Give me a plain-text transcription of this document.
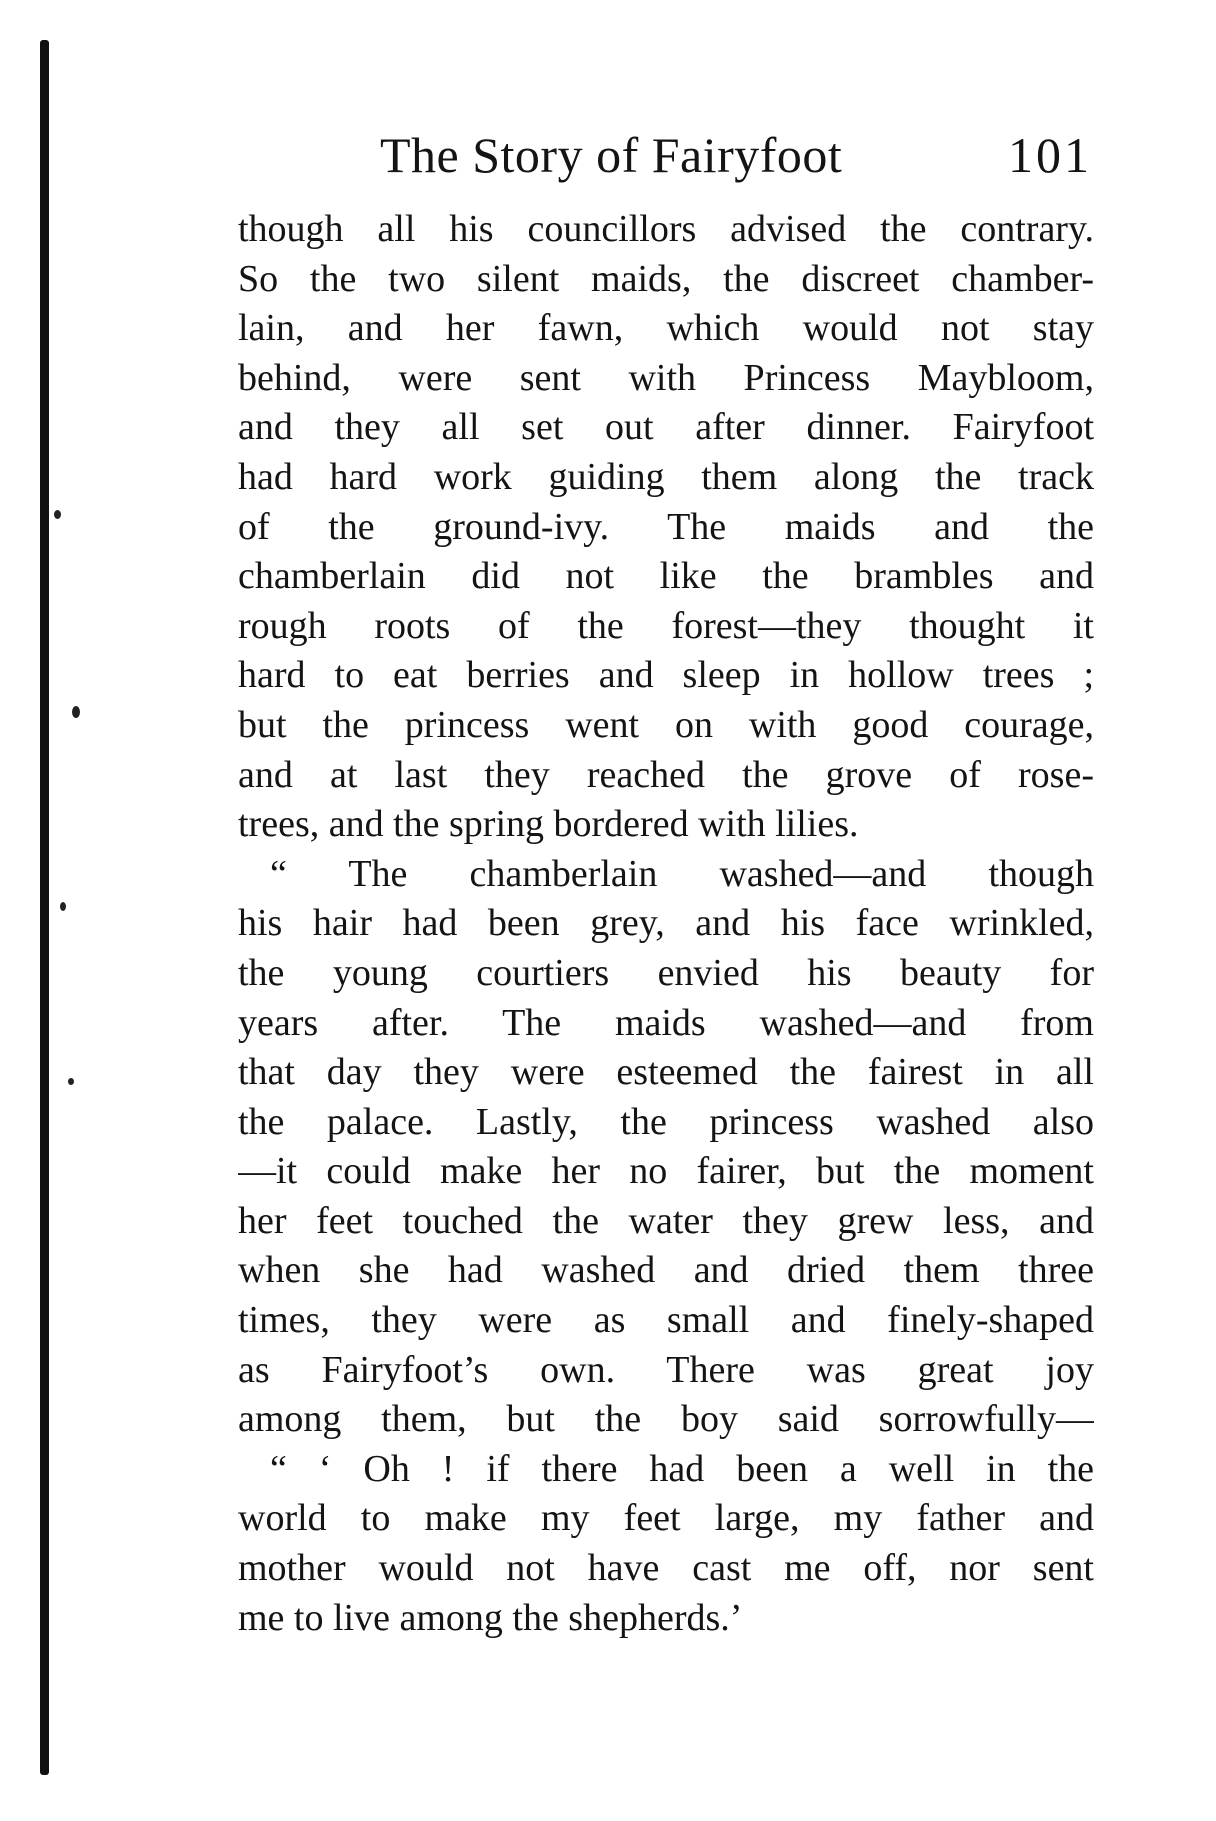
The Story of Fairyfoot	101
though all his councillors advised the contrary.
So the two silent maids, the discreet chamber-
lain, and her fawn, which would not stay
behind, were sent with Princess Maybloom,
and they all set out after dinner. Fairyfoot
had hard work guiding them along the track
of the ground-ivy. The maids and the
chamberlain did not like the brambles and
rough roots of the forest—they thought it
hard to eat berries and sleep in hollow trees ;
but the princess went on with good courage,
and at last they reached the grove of rose-
trees, and the spring bordered with lilies.
“ The chamberlain washed—and though
his hair had been grey, and his face wrinkled,
the young courtiers envied his beauty for
years after. The maids washed—and from
that day they were esteemed the fairest in all
the palace. Lastly, the princess washed also
—it could make her no fairer, but the moment
her feet touched the water they grew less, and
when she had washed and dried them three
times, they were as small and finely-shaped
as Fairyfoot’s own. There was great joy
among them, but the boy said sorrowfully—
“ ‘ Oh ! if there had been a well in the
world to make my feet large, my father and
mother would not have cast me off, nor sent
me to live among the shepherds.’
